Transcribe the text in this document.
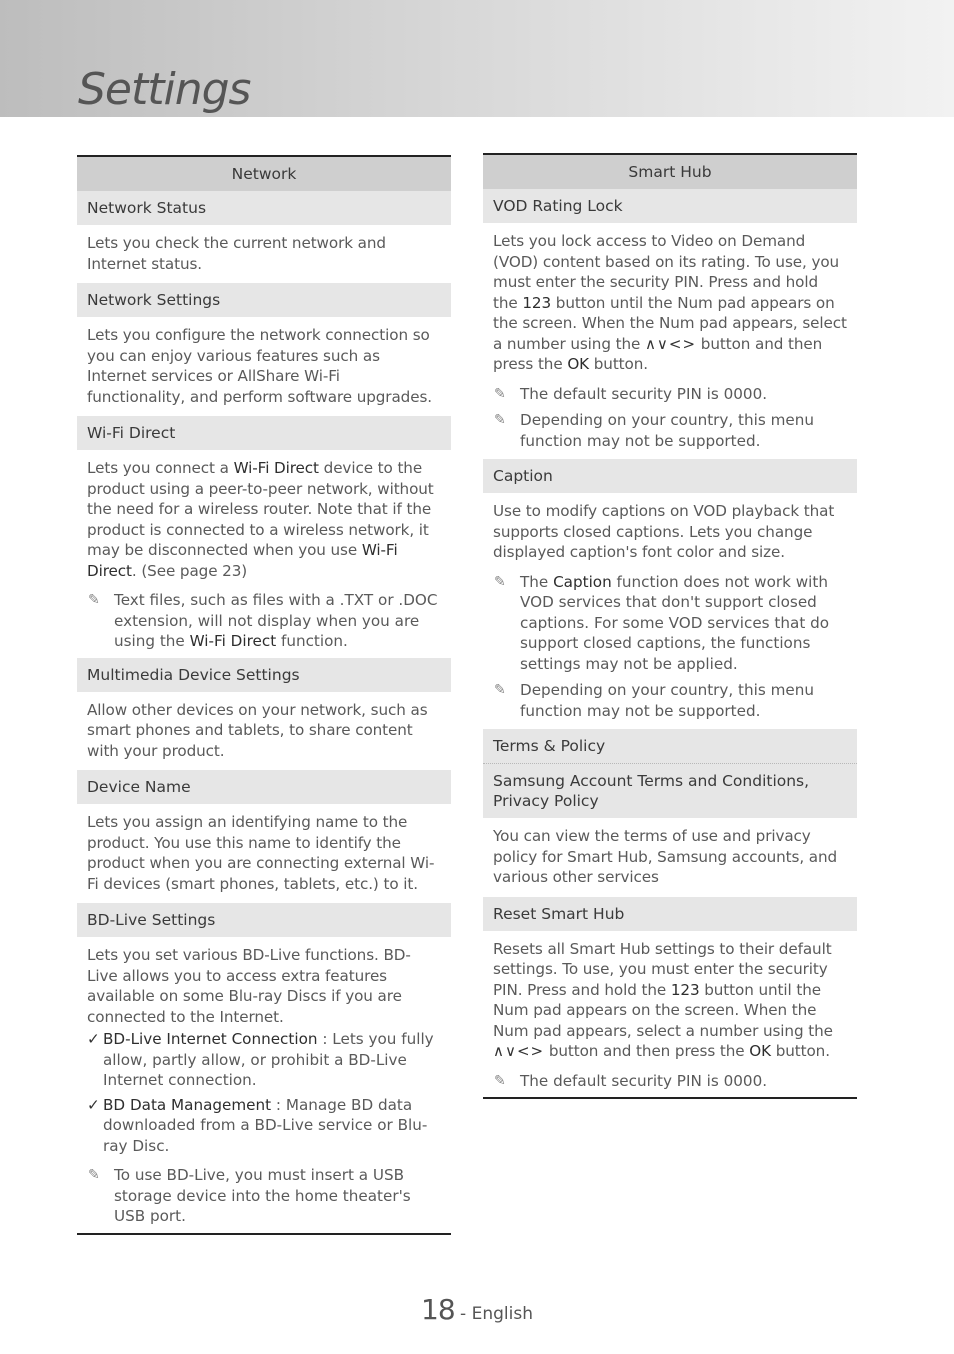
Settings
Network
Network Status
Lets you check the current network and Internet status.
Network Settings
Lets you configure the network connection so you can enjoy various features such as Internet services or AllShare Wi-Fi functionality, and perform software upgrades.
Wi-Fi Direct
Lets you connect a Wi-Fi Direct device to the product using a peer-to-peer network, without the need for a wireless router. Note that if the product is connected to a wireless network, it may be disconnected when you use Wi-Fi Direct. (See page 23)
✎ Text files, such as files with a .TXT or .DOC extension, will not display when you are using the Wi-Fi Direct function.
Multimedia Device Settings
Allow other devices on your network, such as smart phones and tablets, to share content with your product.
Device Name
Lets you assign an identifying name to the product. You use this name to identify the product when you are connecting external Wi-Fi devices (smart phones, tablets, etc.) to it.
BD-Live Settings
Lets you set various BD-Live functions. BD-Live allows you to access extra features available on some Blu-ray Discs if you are connected to the Internet.
✓ BD-Live Internet Connection : Lets you fully allow, partly allow, or prohibit a BD-Live Internet connection.
✓ BD Data Management : Manage BD data downloaded from a BD-Live service or Blu-ray Disc.
✎ To use BD-Live, you must insert a USB storage device into the home theater's USB port.
Smart Hub
VOD Rating Lock
Lets you lock access to Video on Demand (VOD) content based on its rating. To use, you must enter the security PIN. Press and hold the 123 button until the Num pad appears on the screen. When the Num pad appears, select a number using the ∧∨<> button and then press the OK button.
✎ The default security PIN is 0000.
✎ Depending on your country, this menu function may not be supported.
Caption
Use to modify captions on VOD playback that supports closed captions. Lets you change displayed caption's font color and size.
✎ The Caption function does not work with VOD services that don't support closed captions. For some VOD services that do support closed captions, the functions settings may not be applied.
✎ Depending on your country, this menu function may not be supported.
Terms & Policy
Samsung Account Terms and Conditions, Privacy Policy
You can view the terms of use and privacy policy for Smart Hub, Samsung accounts, and various other services
Reset Smart Hub
Resets all Smart Hub settings to their default settings. To use, you must enter the security PIN. Press and hold the 123 button until the Num pad appears on the screen. When the Num pad appears, select a number using the ∧∨<> button and then press the OK button.
✎ The default security PIN is 0000.
18 - English
